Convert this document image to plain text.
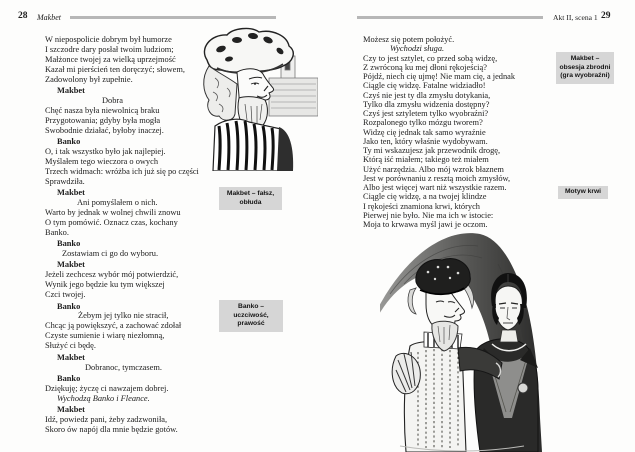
28 Makbet
W niepospolicie dobrym był humorze
I szczodre dary posłał twoim ludziom;
Małżonce twojej za wielką uprzejmość
Kazał mi pierścień ten doręczyć; słowem,
Zadowolony był zupełnie.
Makbet
Dobra
Chęć nasza była niewolnicą braku
Przygotowania; gdyby była mogła
Swobodnie działać, byłoby inaczej.
Banko
O, i tak wszystko było jak najlepiej.
Myślałem tego wieczora o owych
Trzech widmach: wróżba ich już się po części
Sprawdziła.
Makbet
Ani pomyślałem o nich.
Warto by jednak w wolnej chwili znowu
O tym pomówić. Oznacz czas, kochany
Banko.
Banko
Zostawiam ci go do wyboru.
Makbet
Jeżeli zechcesz wybór mój potwierdzić,
Wynik jego będzie ku tym większej
Czci twojej.
Banko
Żebym jej tylko nie stracił,
Chcąc ją powiększyć, a zachować zdołał
Czyste sumienie i wiarę niezłomną,
Służyć ci będę.
Makbet
Dobranoc, tymczasem.
Banko
Dziękuję; życzę ci nawzajem dobrej.
Wychodzą Banko i Fleance.
Makbet
Idź, powiedz pani, żeby zadzwoniła,
Skoro ów napój dla mnie będzie gotów.
Makbet – fałsz, obłuda
Banko – uczciwość, prawość
Akt II, scena 1 29
Możesz się potem położyć.
Wychodzi sługa.
Czy to jest sztylet, co przed sobą widzę,
Z zwróconą ku mej dłoni rękojeścią?
Pójdź, niech cię ujmę! Nie mam cię, a jednak
Ciągle cię widzę. Fatalne widziadło!
Czyś nie jest ty dla zmysłu dotykania,
Tylko dla zmysłu widzenia dostępny?
Czyś jest sztyletem tylko wyobraźni?
Rozpalonego tylko mózgu tworem?
Widzę cię jednak tak samo wyraźnie
Jako ten, który właśnie wydobywam.
Ty mi wskazujesz jak przewodnik drogę,
Którą iść miałem; takiego też miałem
Użyć narzędzia. Albo mój wzrok błaznem
Jest w porównaniu z resztą moich zmysłów,
Albo jest więcej wart niż wszystkie razem.
Ciągle cię widzę, a na twojej klindze
I rękojeści znamiona krwi, których
Pierwej nie było. Nie ma ich w istocie:
Moja to krwawa myśl jawi je oczom.
Makbet – obsesja zbrodni (gra wyobraźni)
Motyw krwi
